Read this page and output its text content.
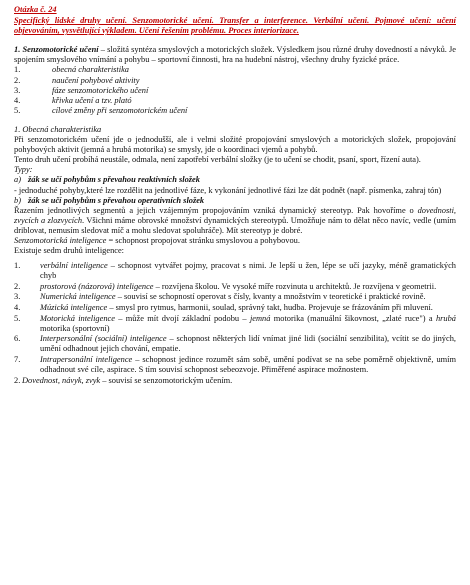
Otázka č. 24
Specifický lidské druhy učení. Senzomotorické učení. Transfer a interference. Verbální učení. Pojmové učení: učení objevováním, vysvětlující výkladem. Učení řešením problému. Proces interiorizace.

1. Senzomotorické učení – složitá syntéza smyslových a motorických složek. Výsledkem jsou různé druhy dovedností a návyků. Je spojením smyslového vnímání a pohybu – sportovní činnosti, hra na hudební nástroj, všechny druhy fyzické práce.

1.	obecná charakteristika
2.	naučení pohybové aktivity
3.	fáze senzomotorického učení
4.	křivka učení a tzv. plató
5.	cílové změny při senzomotorickém učení

1. Obecná charakteristika

Při senzomotorickém učení jde o jednodušší, ale i velmi složité propojování smyslových a motorických složek, propojování pohybových aktivit (jemná a hrubá motorika) se smysly, jde o koordinaci vjemů a pohybů.

Tento druh učení probíhá neustále, odmala, není zapotřebí verbální složky (je to učení se chodit, psaní, sport, řízení auta).

Typy:

a) žák se učí pohybům s převahou reaktivních složek

- jednoduché pohyby,které lze rozdělit na jednotlivé fáze, k vykonání jednotlivé fázi lze dát podnět (např. písmenka, zahraj tón)

b) žák se učí pohybům s převahou operativních složek

Řazením jednotlivých segmentů a jejich vzájemným propojováním vzniká dynamický stereotyp. Pak hovoříme o dovednosti, zvycích a zlozvycích. Všichni máme obrovské množství dynamických stereotypů. Umožňuje nám to dělat něco navíc, vedle (umím driblovat, nemusím sledovat míč a mohu sledovat spoluhráče). Mít stereotyp je dobré.

Senzomotorická inteligence = schopnost propojovat stránku smyslovou a pohybovou.

Existuje sedm druhů inteligence:

1. verbální inteligence – schopnost vytvářet pojmy, pracovat s nimi. Je lepší u žen, lépe se učí jazyky, méně gramatických chyb
2. prostorová (názorová) inteligence – rozvíjena školou. Ve vysoké míře rozvinuta u architektů. Je rozvíjena v geometrii.
3. Numerická inteligence – souvisí se schopností operovat s čísly, kvanty a množstvím v teoretické i praktické rovině.
4. Múzická inteligence – smysl pro rytmus, harmonii, soulad, správný takt, hudba. Projevuje se frázováním při mluvení.
5. Motorická inteligence – může mít dvojí základní podobu – jemná motorika (manuální šikovnost, „zlaté ruce") a hrubá motorika (sportovní)
6. Interpersonální (sociální) inteligence – schopnost některých lidí vnímat jiné lidi (sociální senzibilita), vcítit se do jiných, umění odhadnout jejich chování, empatie.
7. Intrapersonální inteligence – schopnost jedince rozumět sám sobě, umění podívat se na sebe poměrně objektivně, umím odhadnout své cíle, aspirace. S tím souvisí schopnost sebeozvoje. Přiměřené aspirace možnostem.

2. Dovednost, návyk, zvyk – souvisí se senzomotorickým učením.
